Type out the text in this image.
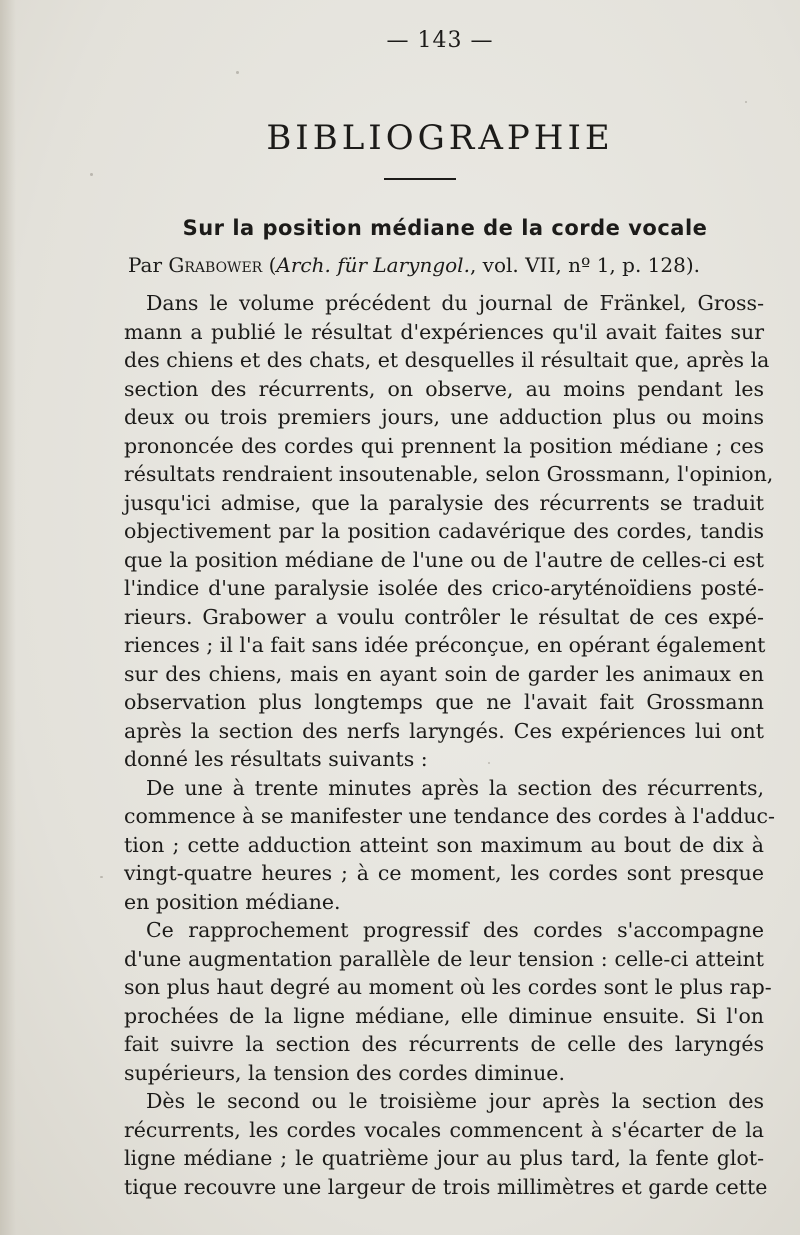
— 143 —
BIBLIOGRAPHIE
Sur la position médiane de la corde vocale
Par Grabower (Arch. für Laryngol., vol. VII, nº 1, p. 128).
Dans le volume précédent du journal de Fränkel, Gross-
mann a publié le résultat d'expériences qu'il avait faites sur
des chiens et des chats, et desquelles il résultait que, après la
section des récurrents, on observe, au moins pendant les
deux ou trois premiers jours, une adduction plus ou moins
prononcée des cordes qui prennent la position médiane ; ces
résultats rendraient insoutenable, selon Grossmann, l'opinion,
jusqu'ici admise, que la paralysie des récurrents se traduit
objectivement par la position cadavérique des cordes, tandis
que la position médiane de l'une ou de l'autre de celles-ci est
l'indice d'une paralysie isolée des crico-aryténoïdiens posté-
rieurs. Grabower a voulu contrôler le résultat de ces expé-
riences ; il l'a fait sans idée préconçue, en opérant également
sur des chiens, mais en ayant soin de garder les animaux en
observation plus longtemps que ne l'avait fait Grossmann
après la section des nerfs laryngés. Ces expériences lui ont
donné les résultats suivants :
De une à trente minutes après la section des récurrents,
commence à se manifester une tendance des cordes à l'adduc-
tion ; cette adduction atteint son maximum au bout de dix à
vingt-quatre heures ; à ce moment, les cordes sont presque
en position médiane.
Ce rapprochement progressif des cordes s'accompagne
d'une augmentation parallèle de leur tension : celle-ci atteint
son plus haut degré au moment où les cordes sont le plus rap-
prochées de la ligne médiane, elle diminue ensuite. Si l'on
fait suivre la section des récurrents de celle des laryngés
supérieurs, la tension des cordes diminue.
Dès le second ou le troisième jour après la section des
récurrents, les cordes vocales commencent à s'écarter de la
ligne médiane ; le quatrième jour au plus tard, la fente glot-
tique recouvre une largeur de trois millimètres et garde cette
